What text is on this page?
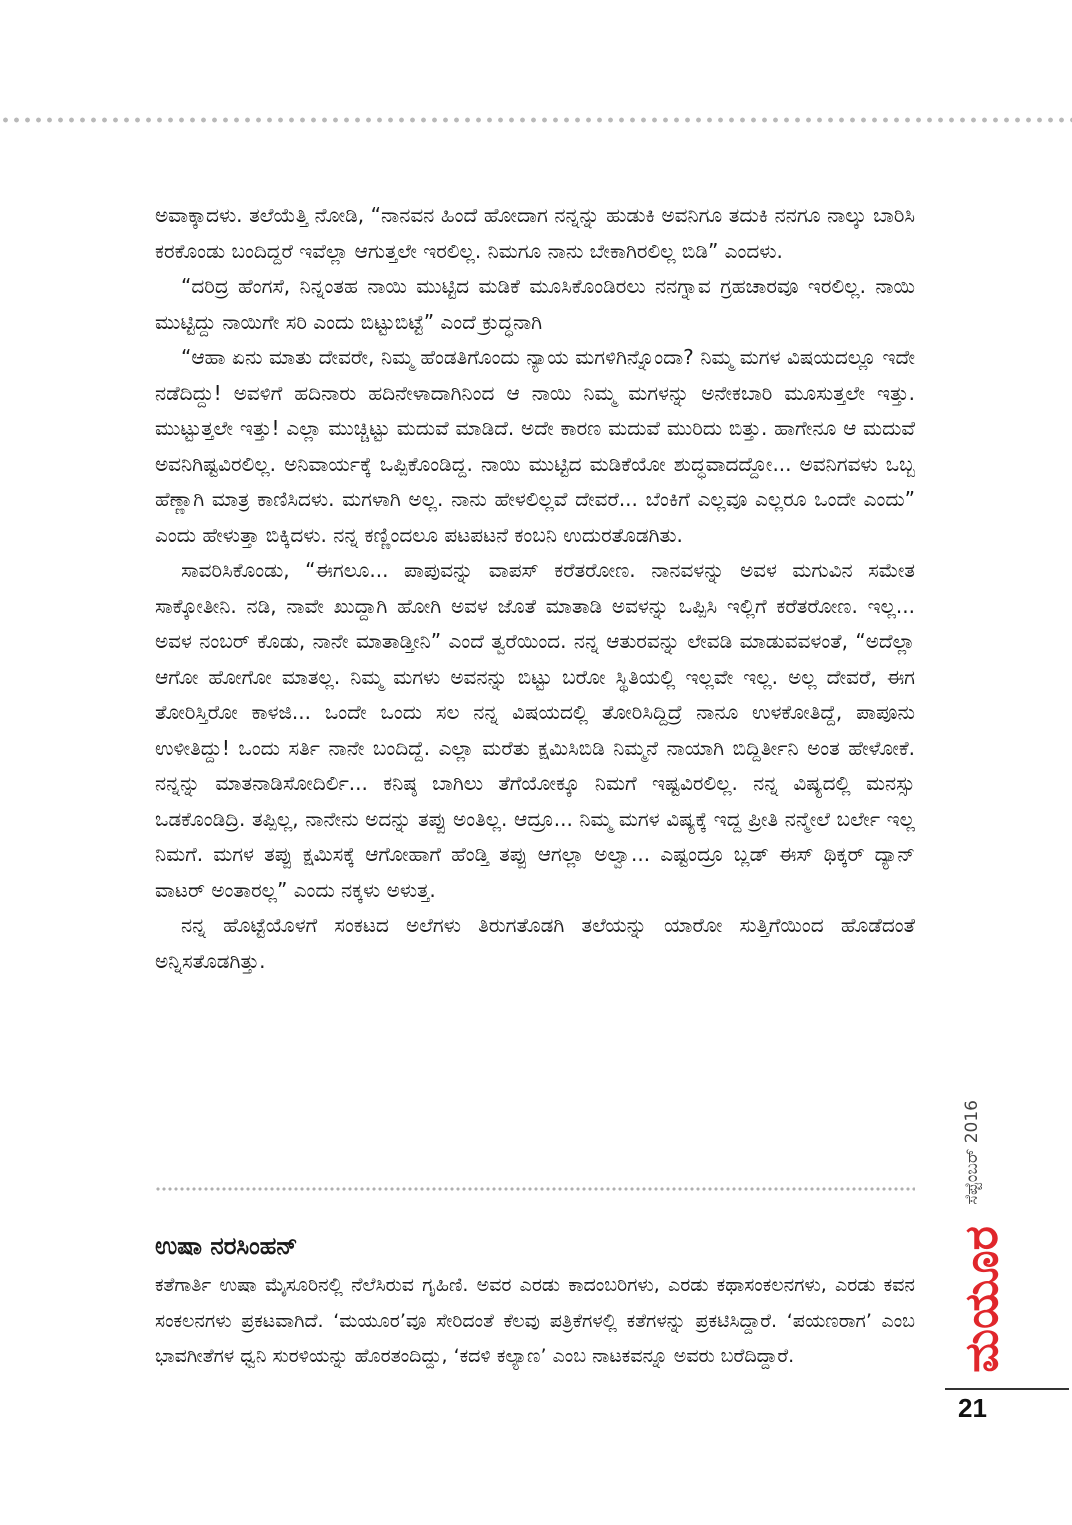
ಅವಾಕ್ಕಾದಳು. ತಲೆಯೆತ್ತಿ ನೋಡಿ, “ನಾನವನ ಹಿಂದೆ ಹೋದಾಗ ನನ್ನನ್ನು ಹುಡುಕಿ ಅವನಿಗೂ ತದುಕಿ ನನಗೂ ನಾಲ್ಕು ಬಾರಿಸಿ ಕರಕೊಂಡು ಬಂದಿದ್ದರೆ ಇವೆಲ್ಲಾ ಆಗುತ್ತಲೇ ಇರಲಿಲ್ಲ. ನಿಮಗೂ ನಾನು ಬೇಕಾಗಿರಲಿಲ್ಲ ಬಿಡಿ” ಎಂದಳು.

“ದರಿದ್ರ ಹೆಂಗಸೆ, ನಿನ್ನಂತಹ ನಾಯಿ ಮುಟ್ಟಿದ ಮಡಿಕೆ ಮೂಸಿಕೊಂಡಿರಲು ನನಗ್ನಾವ ಗ್ರಹಚಾರವೂ ಇರಲಿಲ್ಲ. ನಾಯಿ ಮುಟ್ಟಿದ್ದು ನಾಯಿಗೇ ಸರಿ ಎಂದು ಬಿಟ್ಟುಬಿಟ್ಟೆ” ಎಂದೆ ಕ್ರುದ್ಧನಾಗಿ

“ಆಹಾ ಏನು ಮಾತು ದೇವರೇ, ನಿಮ್ಮ ಹೆಂಡತಿಗೊಂದು ನ್ಯಾಯ ಮಗಳಿಗಿನ್ನೊಂದಾ? ನಿಮ್ಮ ಮಗಳ ವಿಷಯದಲ್ಲೂ ಇದೇ ನಡೆದಿದ್ದು! ಅವಳಿಗೆ ಹದಿನಾರು ಹದಿನೇಳಾದಾಗಿನಿಂದ ಆ ನಾಯಿ ನಿಮ್ಮ ಮಗಳನ್ನು ಅನೇಕಬಾರಿ ಮೂಸುತ್ತಲೇ ಇತ್ತು. ಮುಟ್ಟುತ್ತಲೇ ಇತ್ತು! ಎಲ್ಲಾ ಮುಚ್ಚಿಟ್ಟು ಮದುವೆ ಮಾಡಿದೆ. ಅದೇ ಕಾರಣ ಮದುವೆ ಮುರಿದು ಬಿತ್ತು. ಹಾಗೇನೂ ಆ ಮದುವೆ ಅವನಿಗಿಷ್ಟವಿರಲಿಲ್ಲ. ಅನಿವಾರ್ಯಕ್ಕೆ ಒಪ್ಪಿಕೊಂಡಿದ್ದ. ನಾಯಿ ಮುಟ್ಟಿದ ಮಡಿಕೆಯೋ ಶುದ್ಧವಾದದ್ದೋ... ಅವನಿಗವಳು ಒಬ್ಬ ಹೆಣ್ಣಾಗಿ ಮಾತ್ರ ಕಾಣಿಸಿದಳು. ಮಗಳಾಗಿ ಅಲ್ಲ. ನಾನು ಹೇಳಲಿಲ್ಲವೆ ದೇವರೆ... ಬೆಂಕಿಗೆ ಎಲ್ಲವೂ ಎಲ್ಲರೂ ಒಂದೇ ಎಂದು” ಎಂದು ಹೇಳುತ್ತಾ ಬಿಕ್ಕಿದಳು. ನನ್ನ ಕಣ್ಣಿಂದಲೂ ಪಟಪಟನೆ ಕಂಬನಿ ಉದುರತೊಡಗಿತು.

ಸಾವರಿಸಿಕೊಂಡು, “ಈಗಲೂ... ಪಾಪುವನ್ನು ವಾಪಸ್ ಕರೆತರೋಣ. ನಾನವಳನ್ನು ಅವಳ ಮಗುವಿನ ಸಮೇತ ಸಾಕ್ಕೋತೀನಿ. ನಡಿ, ನಾವೇ ಖುದ್ದಾಗಿ ಹೋಗಿ ಅವಳ ಜೊತೆ ಮಾತಾಡಿ ಅವಳನ್ನು ಒಪ್ಪಿಸಿ ಇಲ್ಲಿಗೆ ಕರೆತರೋಣ. ಇಲ್ಲ... ಅವಳ ನಂಬರ್ ಕೊಡು, ನಾನೇ ಮಾತಾಡ್ತೀನಿ” ಎಂದೆ ತ್ವರೆಯಿಂದ. ನನ್ನ ಆತುರವನ್ನು ಲೇವಡಿ ಮಾಡುವವಳಂತೆ, “ಅದೆಲ್ಲಾ ಆಗೋ ಹೋಗೋ ಮಾತಲ್ಲ. ನಿಮ್ಮ ಮಗಳು ಅವನನ್ನು ಬಿಟ್ಟು ಬರೋ ಸ್ಥಿತಿಯಲ್ಲಿ ಇಲ್ಲವೇ ಇಲ್ಲ. ಅಲ್ಲ ದೇವರೆ, ಈಗ ತೋರಿಸ್ತಿರೋ ಕಾಳಜಿ... ಒಂದೇ ಒಂದು ಸಲ ನನ್ನ ವಿಷಯದಲ್ಲಿ ತೋರಿಸಿದ್ದಿದ್ರೆ ನಾನೂ ಉಳಕೋತಿದ್ದೆ, ಪಾಪೂನು ಉಳೀತಿದ್ದು! ಒಂದು ಸರ್ತಿ ನಾನೇ ಬಂದಿದ್ದೆ. ಎಲ್ಲಾ ಮರೆತು ಕ್ಷಮಿಸಿಬಿಡಿ ನಿಮ್ಮನೆ ನಾಯಾಗಿ ಬಿದ್ದಿರ್ತೀನಿ ಅಂತ ಹೇಳೋಕೆ. ನನ್ನನ್ನು ಮಾತನಾಡಿಸೋದಿರ್ಲಿ... ಕನಿಷ್ಠ ಬಾಗಿಲು ತೆಗೆಯೋಕ್ಕೂ ನಿಮಗೆ ಇಷ್ಟವಿರಲಿಲ್ಲ. ನನ್ನ ವಿಷ್ಯದಲ್ಲಿ ಮನಸ್ಸು ಒಡಕೊಂಡಿದ್ರಿ. ತಪ್ಪಿಲ್ಲ, ನಾನೇನು ಅದನ್ನು ತಪ್ಪು ಅಂತಿಲ್ಲ. ಆದ್ರೂ... ನಿಮ್ಮ ಮಗಳ ವಿಷ್ಯಕ್ಕೆ ಇದ್ದ ಪ್ರೀತಿ ನನ್ಮೇಲೆ ಬರ್ಲೇ ಇಲ್ಲ ನಿಮಗೆ. ಮಗಳ ತಪ್ಪು ಕ್ಷಮಿಸಕ್ಕೆ ಆಗೋಹಾಗೆ ಹೆಂಡ್ತಿ ತಪ್ಪು ಆಗಲ್ಲಾ ಅಲ್ವಾ... ಎಷ್ಟಂದ್ರೂ ಬ್ಲಡ್ ಈಸ್ ಥಿಕ್ಕರ್ ದ್ಯಾನ್ ವಾಟರ್ ಅಂತಾರಲ್ಲ” ಎಂದು ನಕ್ಕಳು ಅಳುತ್ತ.

ನನ್ನ ಹೊಟ್ಟೆಯೊಳಗೆ ಸಂಕಟದ ಅಲೆಗಳು ತಿರುಗತೊಡಗಿ ತಲೆಯನ್ನು ಯಾರೋ ಸುತ್ತಿಗೆಯಿಂದ ಹೊಡೆದಂತೆ ಅನ್ನಿಸತೊಡಗಿತ್ತು.

ಉಷಾ ನರಸಿಂಹನ್

ಕತೆಗಾರ್ತಿ ಉಷಾ ಮೈಸೂರಿನಲ್ಲಿ ನೆಲೆಸಿರುವ ಗೃಹಿಣಿ. ಅವರ ಎರಡು ಕಾದಂಬರಿಗಳು, ಎರಡು ಕಥಾಸಂಕಲನಗಳು, ಎರಡು ಕವನ ಸಂಕಲನಗಳು ಪ್ರಕಟವಾಗಿದೆ. ‘ಮಯೂರ’ವೂ ಸೇರಿದಂತೆ ಕೆಲವು ಪತ್ರಿಕೆಗಳಲ್ಲಿ ಕತೆಗಳನ್ನು ಪ್ರಕಟಿಸಿದ್ದಾರೆ. ‘ಪಯಣರಾಗ’ ಎಂಬ ಭಾವಗೀತೆಗಳ ಧ್ವನಿ ಸುರಳಿಯನ್ನು ಹೊರತಂದಿದ್ದು, ‘ಕದಳಿ ಕಲ್ಯಾಣ’ ಎಂಬ ನಾಟಕವನ್ನೂ ಅವರು ಬರೆದಿದ್ದಾರೆ.

ಸೆಪ್ಟೆಂಬರ್ 2016
ಮಯೂರ
21
